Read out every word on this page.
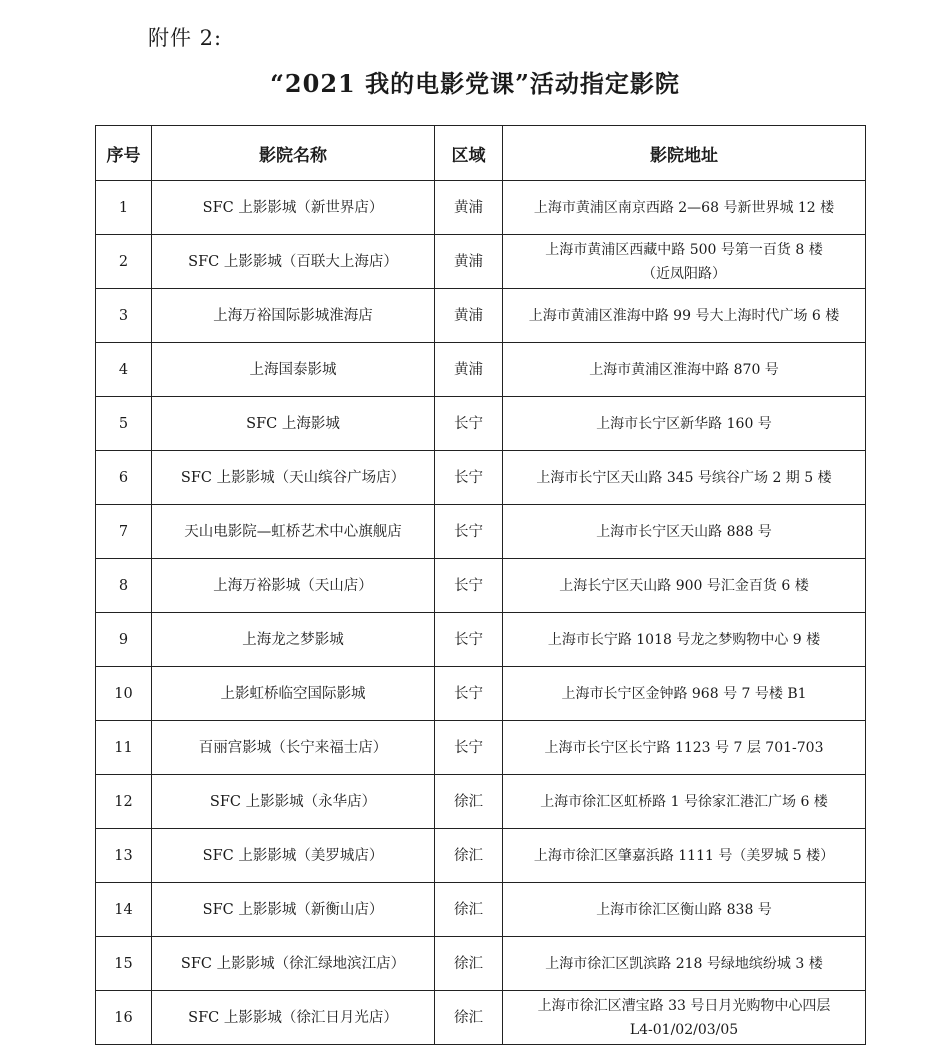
附件 2:
“2021 我的电影党课”活动指定影院
序号	影院名称	区域	影院地址
1	SFC 上影影城（新世界店）	黄浦	上海市黄浦区南京西路 2—68 号新世界城 12 楼
2	SFC 上影影城（百联大上海店）	黄浦	上海市黄浦区西藏中路 500 号第一百货 8 楼
（近凤阳路）

3	上海万裕国际影城淮海店	黄浦	上海市黄浦区淮海中路 99 号大上海时代广场 6 楼
4	上海国泰影城	黄浦	上海市黄浦区淮海中路 870 号
5	SFC 上海影城	长宁	上海市长宁区新华路 160 号
6	SFC 上影影城（天山缤谷广场店）	长宁	上海市长宁区天山路 345 号缤谷广场 2 期 5 楼
7	天山电影院—虹桥艺术中心旗舰店	长宁	上海市长宁区天山路 888 号
8	上海万裕影城（天山店）	长宁	上海长宁区天山路 900 号汇金百货 6 楼
9	上海龙之梦影城	长宁	上海市长宁路 1018 号龙之梦购物中心 9 楼
10	上影虹桥临空国际影城	长宁	上海市长宁区金钟路 968 号 7 号楼 B1
11	百丽宫影城（长宁来福士店）	长宁	上海市长宁区长宁路 1123 号 7 层 701-703
12	SFC 上影影城（永华店）	徐汇	上海市徐汇区虹桥路 1 号徐家汇港汇广场 6 楼
13	SFC 上影影城（美罗城店）	徐汇	上海市徐汇区肇嘉浜路 1111 号（美罗城 5 楼）
14	SFC 上影影城（新衡山店）	徐汇	上海市徐汇区衡山路 838 号
15	SFC 上影影城（徐汇绿地滨江店）	徐汇	上海市徐汇区凯滨路 218 号绿地缤纷城 3 楼
16	SFC 上影影城（徐汇日月光店）	徐汇	上海市徐汇区漕宝路 33 号日月光购物中心四层
L4-01/02/03/05
